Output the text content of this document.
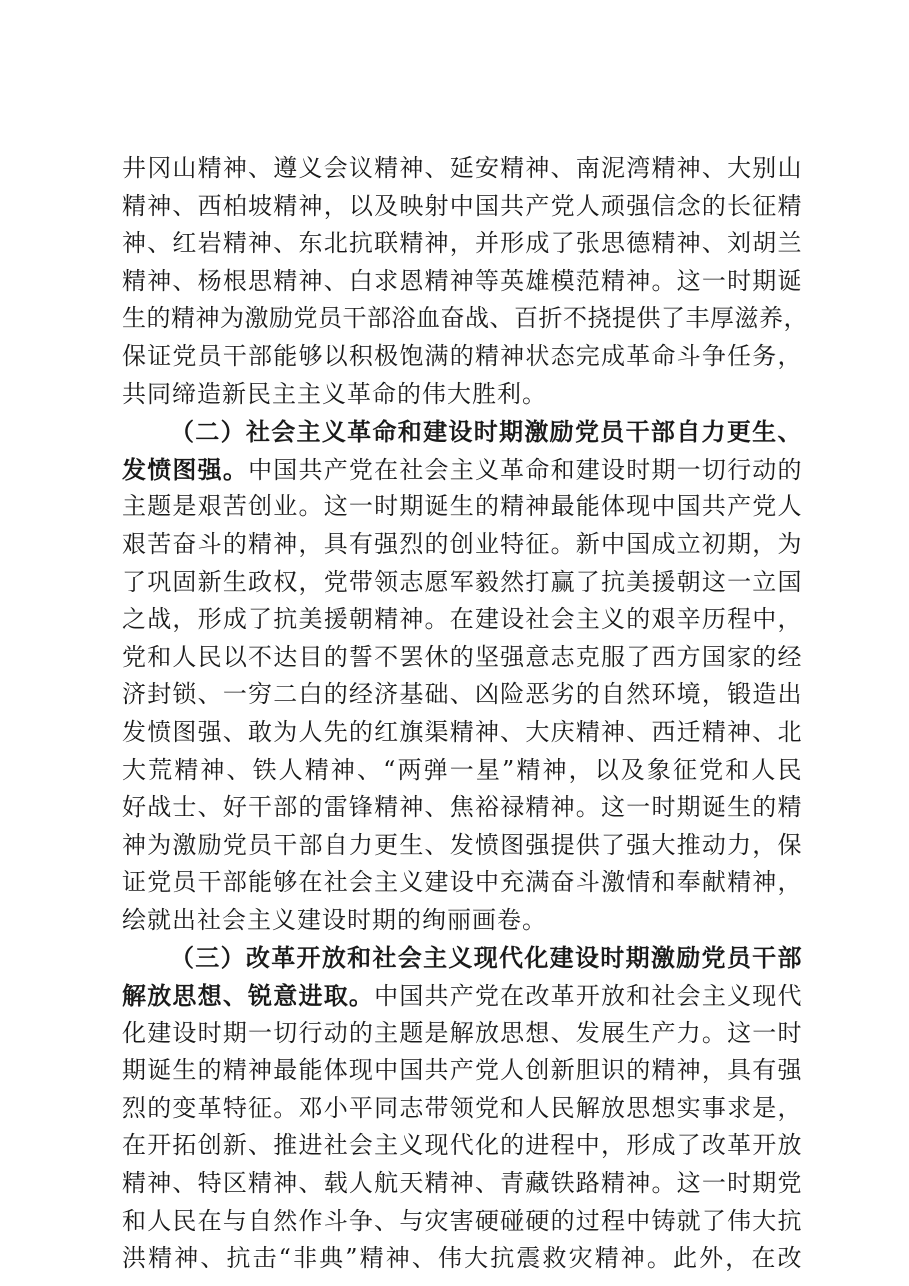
井冈山精神、遵义会议精神、延安精神、南泥湾精神、大别山
精神、西柏坡精神，以及映射中国共产党人顽强信念的长征精
神、红岩精神、东北抗联精神，并形成了张思德精神、刘胡兰
精神、杨根思精神、白求恩精神等英雄模范精神。这一时期诞
生的精神为激励党员干部浴血奋战、百折不挠提供了丰厚滋养，
保证党员干部能够以积极饱满的精神状态完成革命斗争任务，
共同缔造新民主主义革命的伟大胜利。
（二）社会主义革命和建设时期激励党员干部自力更生、
发愤图强。中国共产党在社会主义革命和建设时期一切行动的
主题是艰苦创业。这一时期诞生的精神最能体现中国共产党人
艰苦奋斗的精神，具有强烈的创业特征。新中国成立初期，为
了巩固新生政权，党带领志愿军毅然打赢了抗美援朝这一立国
之战，形成了抗美援朝精神。在建设社会主义的艰辛历程中，
党和人民以不达目的誓不罢休的坚强意志克服了西方国家的经
济封锁、一穷二白的经济基础、凶险恶劣的自然环境，锻造出
发愤图强、敢为人先的红旗渠精神、大庆精神、西迁精神、北
大荒精神、铁人精神、“两弹一星”精神，以及象征党和人民
好战士、好干部的雷锋精神、焦裕禄精神。这一时期诞生的精
神为激励党员干部自力更生、发愤图强提供了强大推动力，保
证党员干部能够在社会主义建设中充满奋斗激情和奉献精神，
绘就出社会主义建设时期的绚丽画卷。
（三）改革开放和社会主义现代化建设时期激励党员干部
解放思想、锐意进取。中国共产党在改革开放和社会主义现代
化建设时期一切行动的主题是解放思想、发展生产力。这一时
期诞生的精神最能体现中国共产党人创新胆识的精神，具有强
烈的变革特征。邓小平同志带领党和人民解放思想实事求是，
在开拓创新、推进社会主义现代化的进程中，形成了改革开放
精神、特区精神、载人航天精神、青藏铁路精神。这一时期党
和人民在与自然作斗争、与灾害硬碰硬的过程中铸就了伟大抗
洪精神、抗击“非典”精神、伟大抗震救灾精神。此外，在改
